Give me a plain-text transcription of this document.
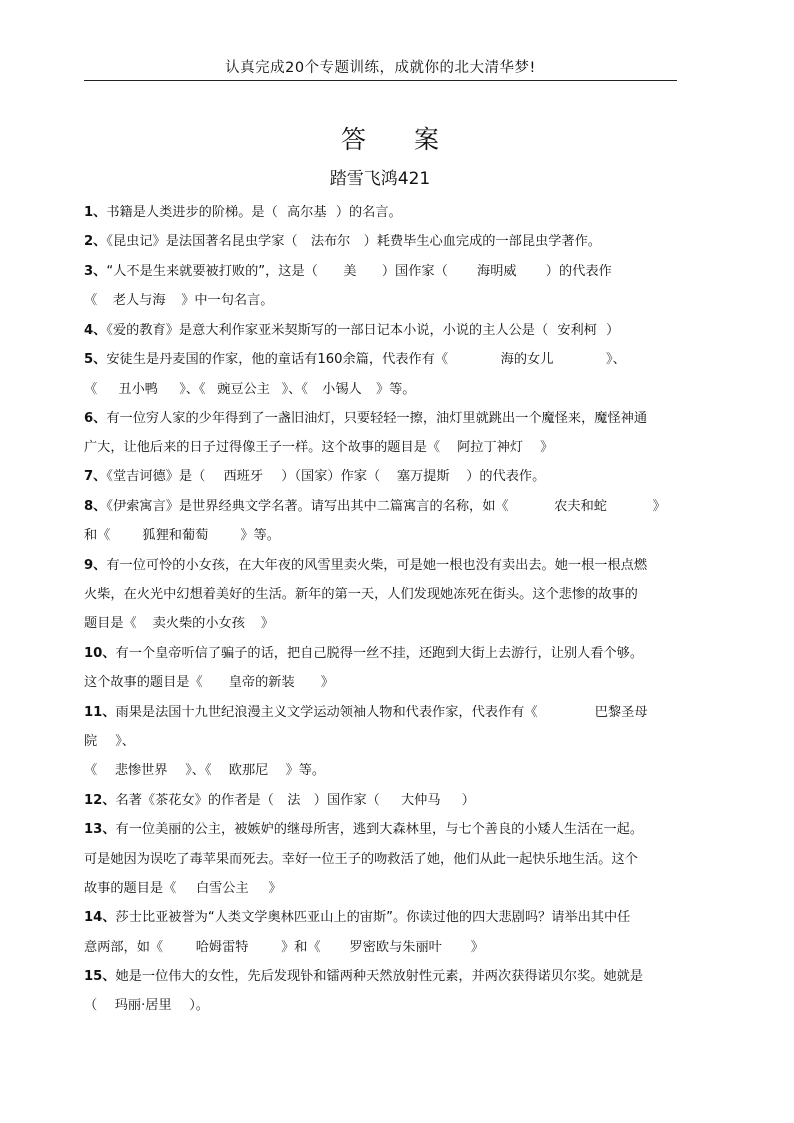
认真完成20个专题训练，成就你的北大清华梦!
答 案
踏雪飞鸿421
1、书籍是人类进步的阶梯。是（ 高尔基 ）的名言。
2、《昆虫记》是法国著名昆虫学家（ 法布尔 ）耗费毕生心血完成的一部昆虫学著作。
3、“人不是生来就要被打败的”，这是（ 美 ）国作家（ 海明威 ）的代表作
《 老人与海 》中一句名言。
4、《爱的教育》是意大利作家亚米契斯写的一部日记本小说，小说的主人公是（ 安利柯 ）
5、安徒生是丹麦国的作家，他的童话有160余篇，代表作有《	海的女儿	》、
《 丑小鸭 》、《 豌豆公主 》、《 小锡人 》等。
6、有一位穷人家的少年得到了一盏旧油灯，只要轻轻一擦，油灯里就跳出一个魔怪来，魔怪神通
广大，让他后来的日子过得像王子一样。这个故事的题目是《 阿拉丁神灯 》
7、《堂吉诃德》是（ 西班牙 ）（国家）作家（ 塞万提斯 ）的代表作。
8、《伊索寓言》是世界经典文学名著。请写出其中二篇寓言的名称，如《	农夫和蛇	》
和《 狐狸和葡萄 》等。
9、有一位可怜的小女孩，在大年夜的风雪里卖火柴，可是她一根也没有卖出去。她一根一根点燃
火柴，在火光中幻想着美好的生活。新年的第一天，人们发现她冻死在街头。这个悲惨的故事的
题目是《 卖火柴的小女孩 》
10、有一个皇帝听信了骗子的话，把自己脱得一丝不挂，还跑到大街上去游行，让别人看个够。
这个故事的题目是《 皇帝的新装 》
11、雨果是法国十九世纪浪漫主义文学运动领袖人物和代表作家，代表作有《	巴黎圣母
院 》、
《 悲惨世界 》、《 欧那尼 》等。
12、名著《茶花女》的作者是（ 法 ）国作家（ 大仲马 ）
13、有一位美丽的公主，被嫉妒的继母所害，逃到大森林里，与七个善良的小矮人生活在一起。
可是她因为误吃了毒苹果而死去。幸好一位王子的吻救活了她，他们从此一起快乐地生活。这个
故事的题目是《 白雪公主 》
14、莎士比亚被誉为“人类文学奥林匹亚山上的宙斯”。你读过他的四大悲剧吗？请举出其中任
意两部，如《 哈姆雷特 》和《 罗密欧与朱丽叶 》
15、她是一位伟大的女性，先后发现钋和镭两种天然放射性元素，并两次获得诺贝尔奖。她就是
（ 玛丽·居里 ）。
